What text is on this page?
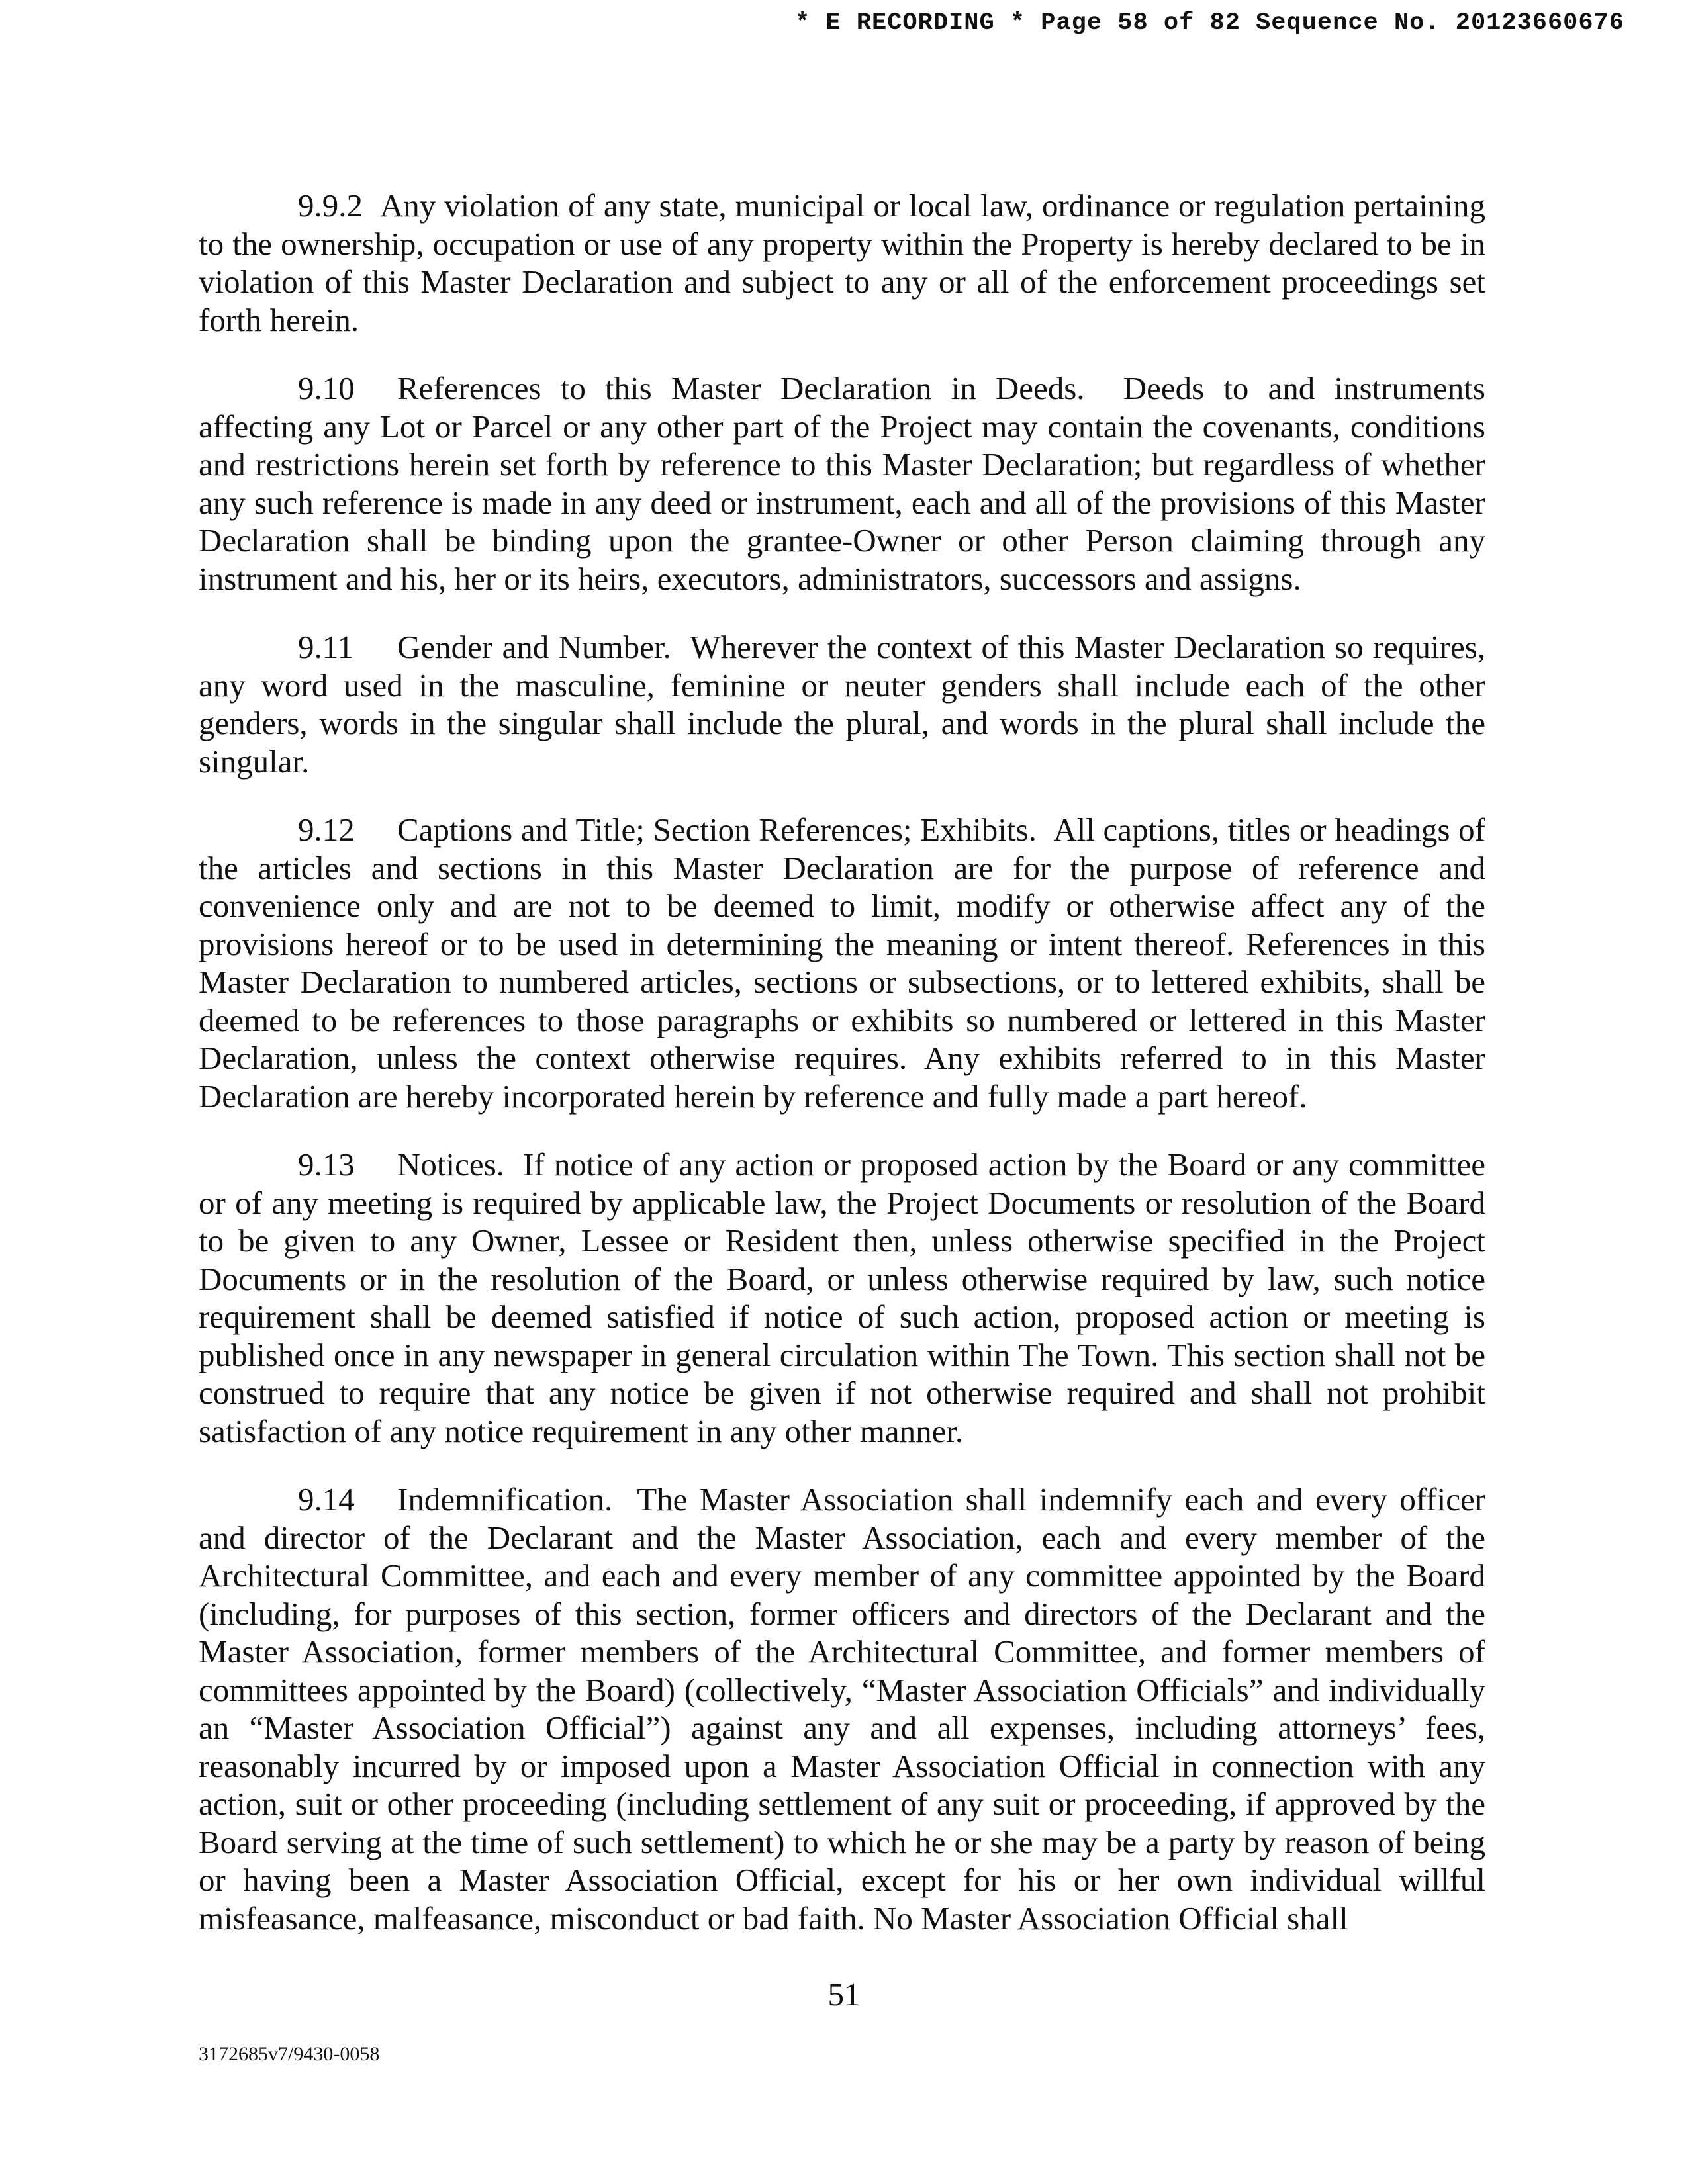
* E RECORDING * Page 58 of 82 Sequence No. 20123660676

9.9.2 Any violation of any state, municipal or local law, ordinance or regulation pertaining to the ownership, occupation or use of any property within the Property is hereby declared to be in violation of this Master Declaration and subject to any or all of the enforcement proceedings set forth herein.

9.10 References to this Master Declaration in Deeds. Deeds to and instruments affecting any Lot or Parcel or any other part of the Project may contain the covenants, conditions and restrictions herein set forth by reference to this Master Declaration; but regardless of whether any such reference is made in any deed or instrument, each and all of the provisions of this Master Declaration shall be binding upon the grantee-Owner or other Person claiming through any instrument and his, her or its heirs, executors, administrators, successors and assigns.

9.11 Gender and Number. Wherever the context of this Master Declaration so requires, any word used in the masculine, feminine or neuter genders shall include each of the other genders, words in the singular shall include the plural, and words in the plural shall include the singular.

9.12 Captions and Title; Section References; Exhibits. All captions, titles or headings of the articles and sections in this Master Declaration are for the purpose of reference and convenience only and are not to be deemed to limit, modify or otherwise affect any of the provisions hereof or to be used in determining the meaning or intent thereof. References in this Master Declaration to numbered articles, sections or subsections, or to lettered exhibits, shall be deemed to be references to those paragraphs or exhibits so numbered or lettered in this Master Declaration, unless the context otherwise requires. Any exhibits referred to in this Master Declaration are hereby incorporated herein by reference and fully made a part hereof.

9.13 Notices. If notice of any action or proposed action by the Board or any committee or of any meeting is required by applicable law, the Project Documents or resolution of the Board to be given to any Owner, Lessee or Resident then, unless otherwise specified in the Project Documents or in the resolution of the Board, or unless otherwise required by law, such notice requirement shall be deemed satisfied if notice of such action, proposed action or meeting is published once in any newspaper in general circulation within The Town. This section shall not be construed to require that any notice be given if not otherwise required and shall not prohibit satisfaction of any notice requirement in any other manner.

9.14 Indemnification. The Master Association shall indemnify each and every officer and director of the Declarant and the Master Association, each and every member of the Architectural Committee, and each and every member of any committee appointed by the Board (including, for purposes of this section, former officers and directors of the Declarant and the Master Association, former members of the Architectural Committee, and former members of committees appointed by the Board) (collectively, “Master Association Officials” and individually an “Master Association Official”) against any and all expenses, including attorneys’ fees, reasonably incurred by or imposed upon a Master Association Official in connection with any action, suit or other proceeding (including settlement of any suit or proceeding, if approved by the Board serving at the time of such settlement) to which he or she may be a party by reason of being or having been a Master Association Official, except for his or her own individual willful misfeasance, malfeasance, misconduct or bad faith. No Master Association Official shall

51
3172685v7/9430-0058
